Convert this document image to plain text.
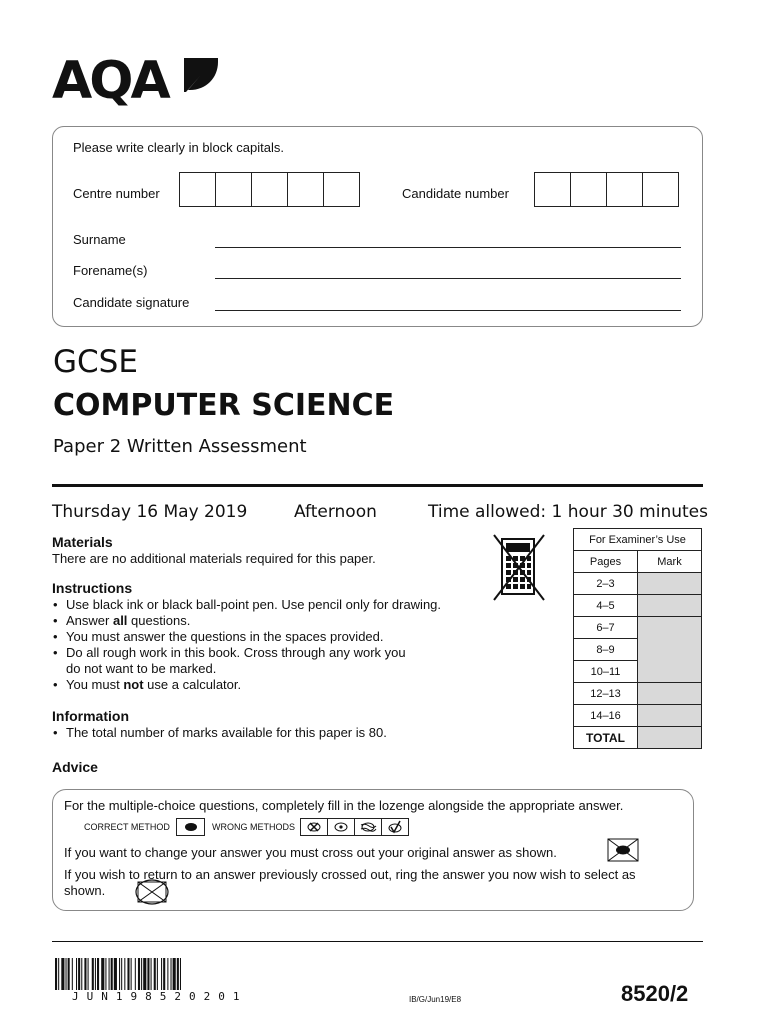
AQA
Please write clearly in block capitals.
Centre number	Candidate number
Surname
Forename(s)
Candidate signature
GCSE
COMPUTER SCIENCE
Paper 2 Written Assessment
Thursday 16 May 2019	Afternoon	Time allowed: 1 hour 30 minutes
Materials
There are no additional materials required for this paper.
Instructions
• Use black ink or black ball-point pen. Use pencil only for drawing.
• Answer all questions.
• You must answer the questions in the spaces provided.
• Do all rough work in this book. Cross through any work you
do not want to be marked.
• You must not use a calculator.
Information
• The total number of marks available for this paper is 80.
For Examiner’s Use	
Pages	Mark
2–3	
4–5	
6–7	
8–9	
10–11	
12–13	
14–16	
TOTAL	
Advice
For the multiple-choice questions, completely fill in the lozenge alongside the appropriate answer.
CORRECT METHOD	WRONG METHODS
If you want to change your answer you must cross out your original answer as shown.
If you wish to return to an answer previously crossed out, ring the answer you now wish to select as
shown.
JUN198520201	IB/G/Jun19/E8	8520/2
